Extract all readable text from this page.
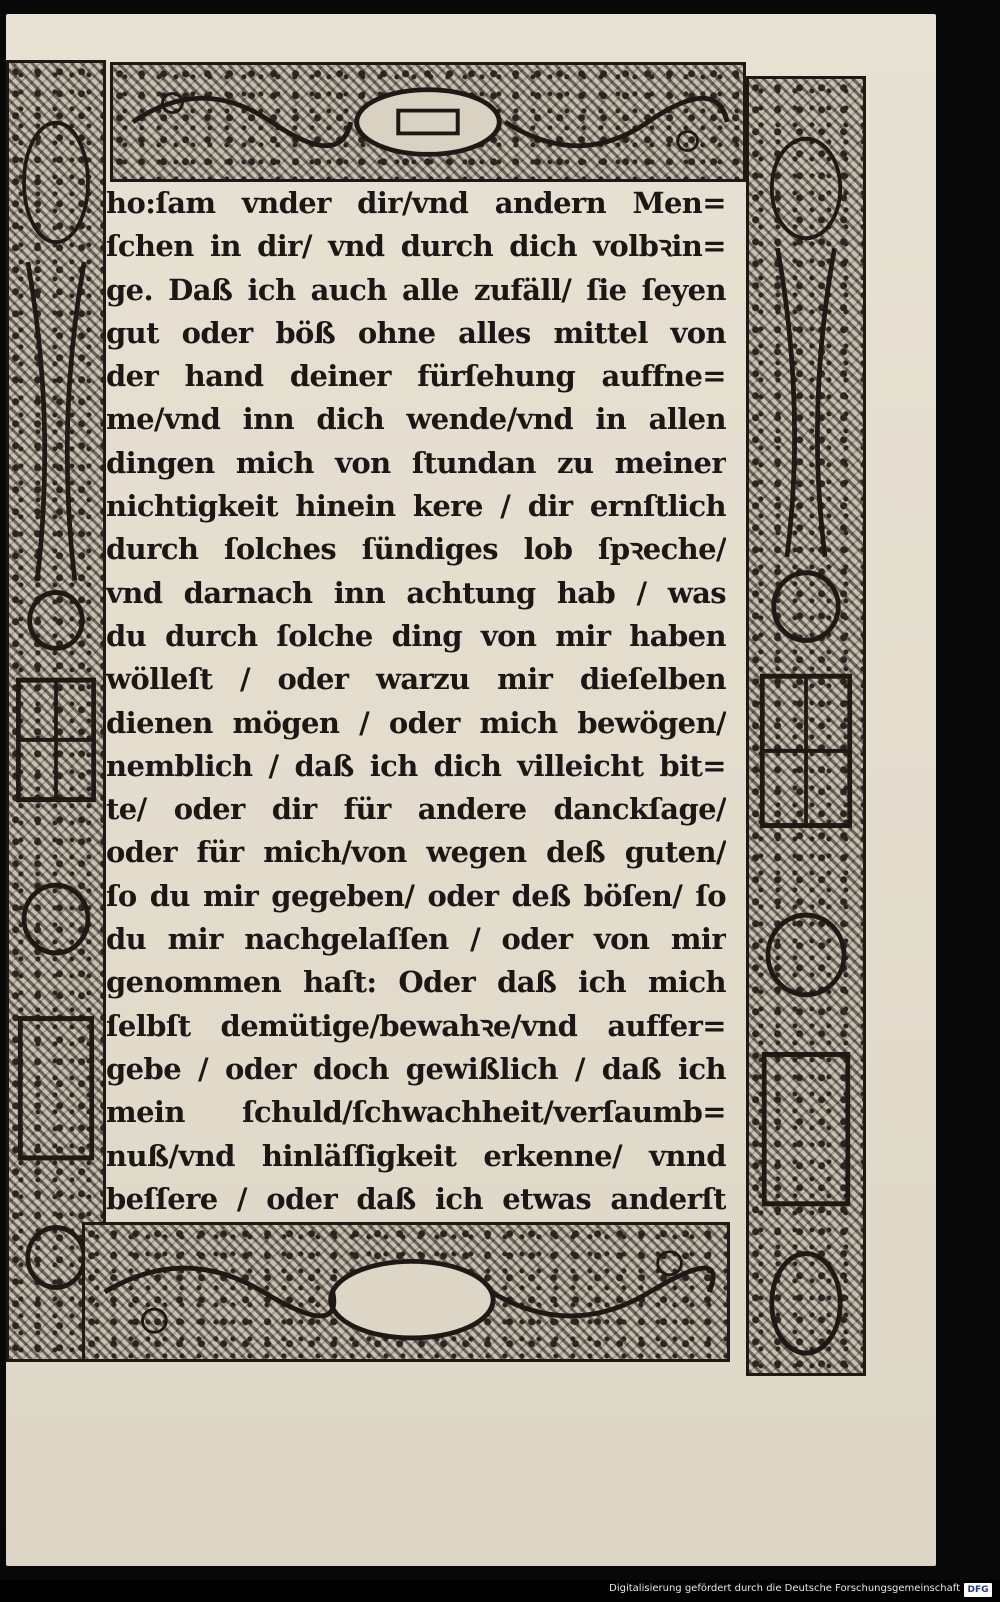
ho:ſam vnder dir/vnd andern Men=
ſchen in dir/ vnd durch dich volbꝛin=
ge. Daß ich auch alle zufäll/ ſie ſeyen
gut oder böß ohne alles mittel von
der hand deiner fürſehung auffne=
me/vnd inn dich wende/vnd in allen
dingen mich von ſtundan zu meiner
nichtigkeit hinein kere / dir ernſtlich
durch ſolches ſündiges lob ſpꝛeche/
vnd darnach inn achtung hab / was
du durch ſolche ding von mir haben
wölleſt / oder warzu mir dieſelben
dienen mögen / oder mich bewögen/
nemblich / daß ich dich villeicht bit=
te/ oder dir für andere danckſage/
oder für mich/von wegen deß guten/
ſo du mir gegeben/ oder deß böſen/ ſo
du mir nachgelaſſen / oder von mir
genommen haſt: Oder daß ich mich
ſelbſt demütige/bewahꝛe/vnd auffer=
gebe / oder doch gewißlich / daß ich
mein ſchuld/ſchwachheit/verſaumb=
nuß/vnd hinläſſigkeit erkenne/ vnnd
beſſere / oder daß ich etwas anderſt
Digitalisierung gefördert durch die Deutsche Forschungsgemeinschaft DFG
